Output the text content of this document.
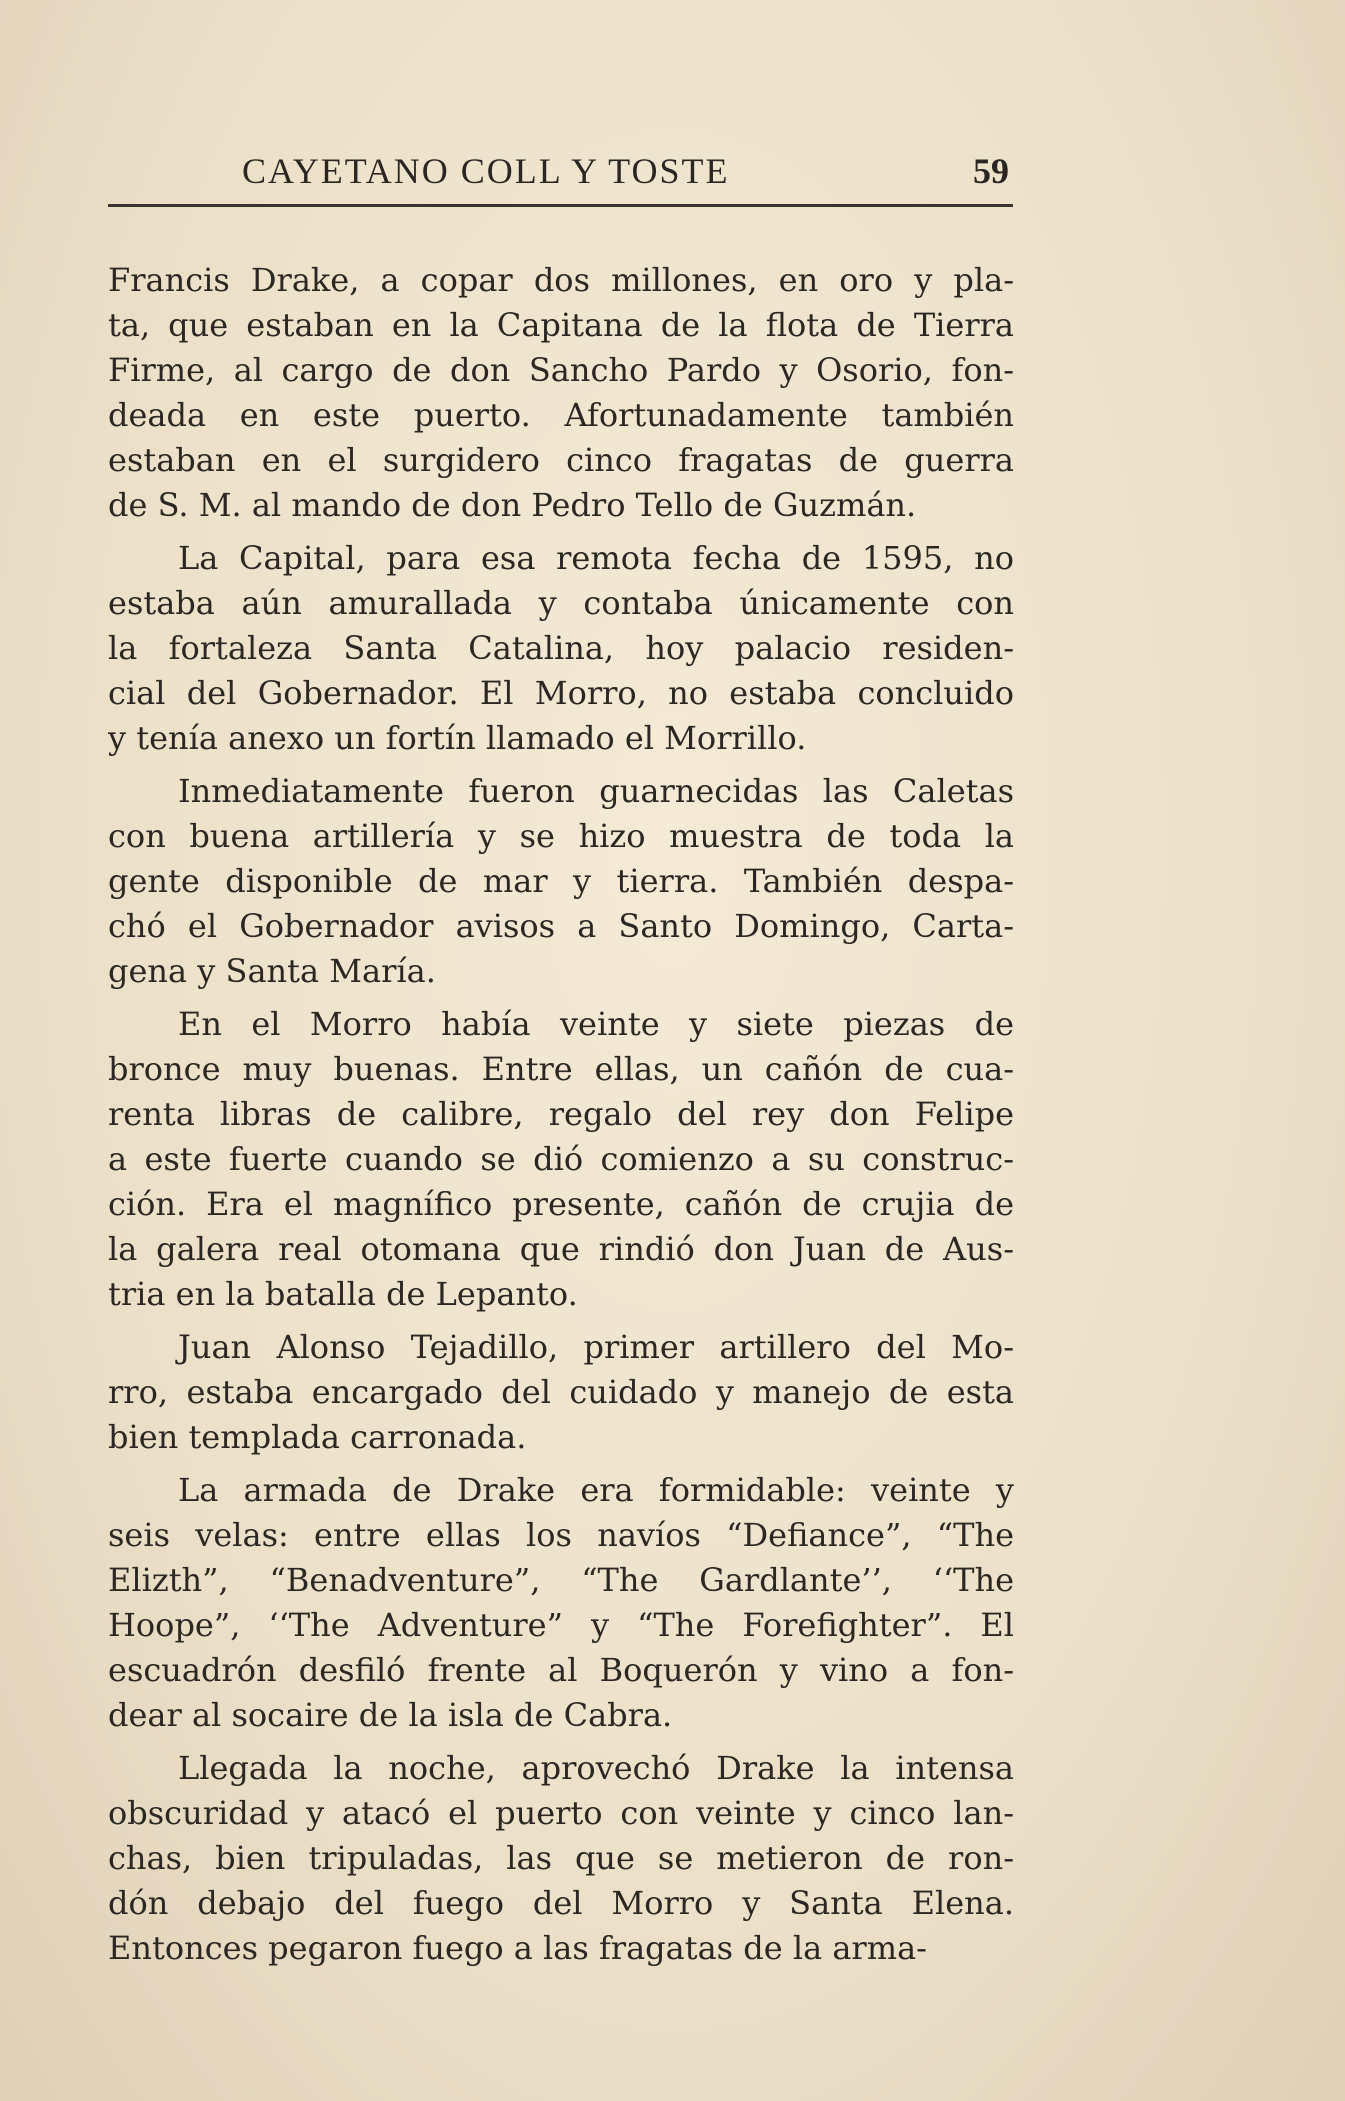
CAYETANO COLL Y TOSTE	59
Francis Drake, a copar dos millones, en oro y pla-
ta, que estaban en la Capitana de la flota de Tierra
Firme, al cargo de don Sancho Pardo y Osorio, fon-
deada en este puerto. Afortunadamente también
estaban en el surgidero cinco fragatas de guerra
de S. M. al mando de don Pedro Tello de Guzmán.
La Capital, para esa remota fecha de 1595, no
estaba aún amurallada y contaba únicamente con
la fortaleza Santa Catalina, hoy palacio residen-
cial del Gobernador. El Morro, no estaba concluido
y tenía anexo un fortín llamado el Morrillo.
Inmediatamente fueron guarnecidas las Caletas
con buena artillería y se hizo muestra de toda la
gente disponible de mar y tierra. También despa-
chó el Gobernador avisos a Santo Domingo, Carta-
gena y Santa María.
En el Morro había veinte y siete piezas de
bronce muy buenas. Entre ellas, un cañón de cua-
renta libras de calibre, regalo del rey don Felipe
a este fuerte cuando se dió comienzo a su construc-
ción. Era el magnífico presente, cañón de crujia de
la galera real otomana que rindió don Juan de Aus-
tria en la batalla de Lepanto.
Juan Alonso Tejadillo, primer artillero del Mo-
rro, estaba encargado del cuidado y manejo de esta
bien templada carronada.
La armada de Drake era formidable: veinte y
seis velas: entre ellas los navíos “Defiance”, “The
Elizth”, “Benadventure”, “The Gardlante’’, ‘‘The
Hoope”, ‘‘The Adventure” y “The Forefighter”. El
escuadrón desfiló frente al Boquerón y vino a fon-
dear al socaire de la isla de Cabra.
Llegada la noche, aprovechó Drake la intensa
obscuridad y atacó el puerto con veinte y cinco lan-
chas, bien tripuladas, las que se metieron de ron-
dón debajo del fuego del Morro y Santa Elena.
Entonces pegaron fuego a las fragatas de la arma-
